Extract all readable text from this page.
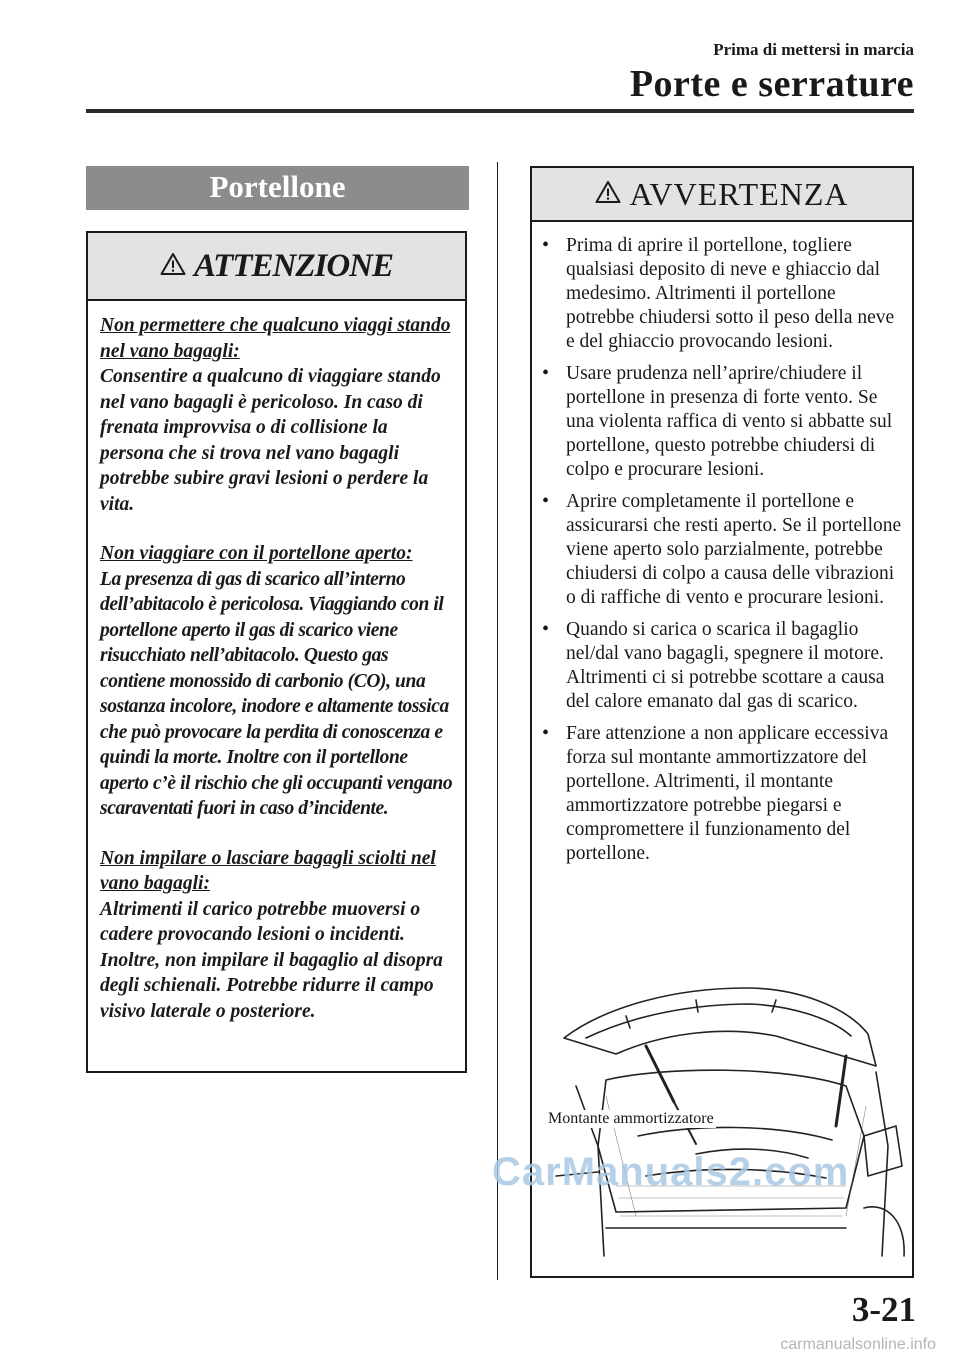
Prima di mettersi in marcia
Porte e serrature
Portellone
ATTENZIONE
Non permettere che qualcuno viaggi stando nel vano bagagli:
Consentire a qualcuno di viaggiare stando nel vano bagagli è pericoloso. In caso di frenata improvvisa o di collisione la persona che si trova nel vano bagagli potrebbe subire gravi lesioni o perdere la vita.
Non viaggiare con il portellone aperto:
La presenza di gas di scarico all’interno dell’abitacolo è pericolosa. Viaggiando con il portellone aperto il gas di scarico viene risucchiato nell’abitacolo. Questo gas contiene monossido di carbonio (CO), una sostanza incolore, inodore e altamente tossica che può provocare la perdita di conoscenza e quindi la morte. Inoltre con il portellone aperto c’è il rischio che gli occupanti vengano scaraventati fuori in caso d’incidente.
Non impilare o lasciare bagagli sciolti nel vano bagagli:
Altrimenti il carico potrebbe muoversi o cadere provocando lesioni o incidenti. Inoltre, non impilare il bagaglio al disopra degli schienali. Potrebbe ridurre il campo visivo laterale o posteriore.
AVVERTENZA
• Prima di aprire il portellone, togliere qualsiasi deposito di neve e ghiaccio dal medesimo. Altrimenti il portellone potrebbe chiudersi sotto il peso della neve e del ghiaccio provocando lesioni.
• Usare prudenza nell’aprire/chiudere il portellone in presenza di forte vento. Se una violenta raffica di vento si abbatte sul portellone, questo potrebbe chiudersi di colpo e procurare lesioni.
• Aprire completamente il portellone e assicurarsi che resti aperto. Se il portellone viene aperto solo parzialmente, potrebbe chiudersi di colpo a causa delle vibrazioni o di raffiche di vento e procurare lesioni.
• Quando si carica o scarica il bagaglio nel/dal vano bagagli, spegnere il motore. Altrimenti ci si potrebbe scottare a causa del calore emanato dal gas di scarico.
• Fare attenzione a non applicare eccessiva forza sul montante ammortizzatore del portellone. Altrimenti, il montante ammortizzatore potrebbe piegarsi e compromettere il funzionamento del portellone.
Montante ammortizzatore
CarManuals2.com
3-21
carmanualsonline.info
